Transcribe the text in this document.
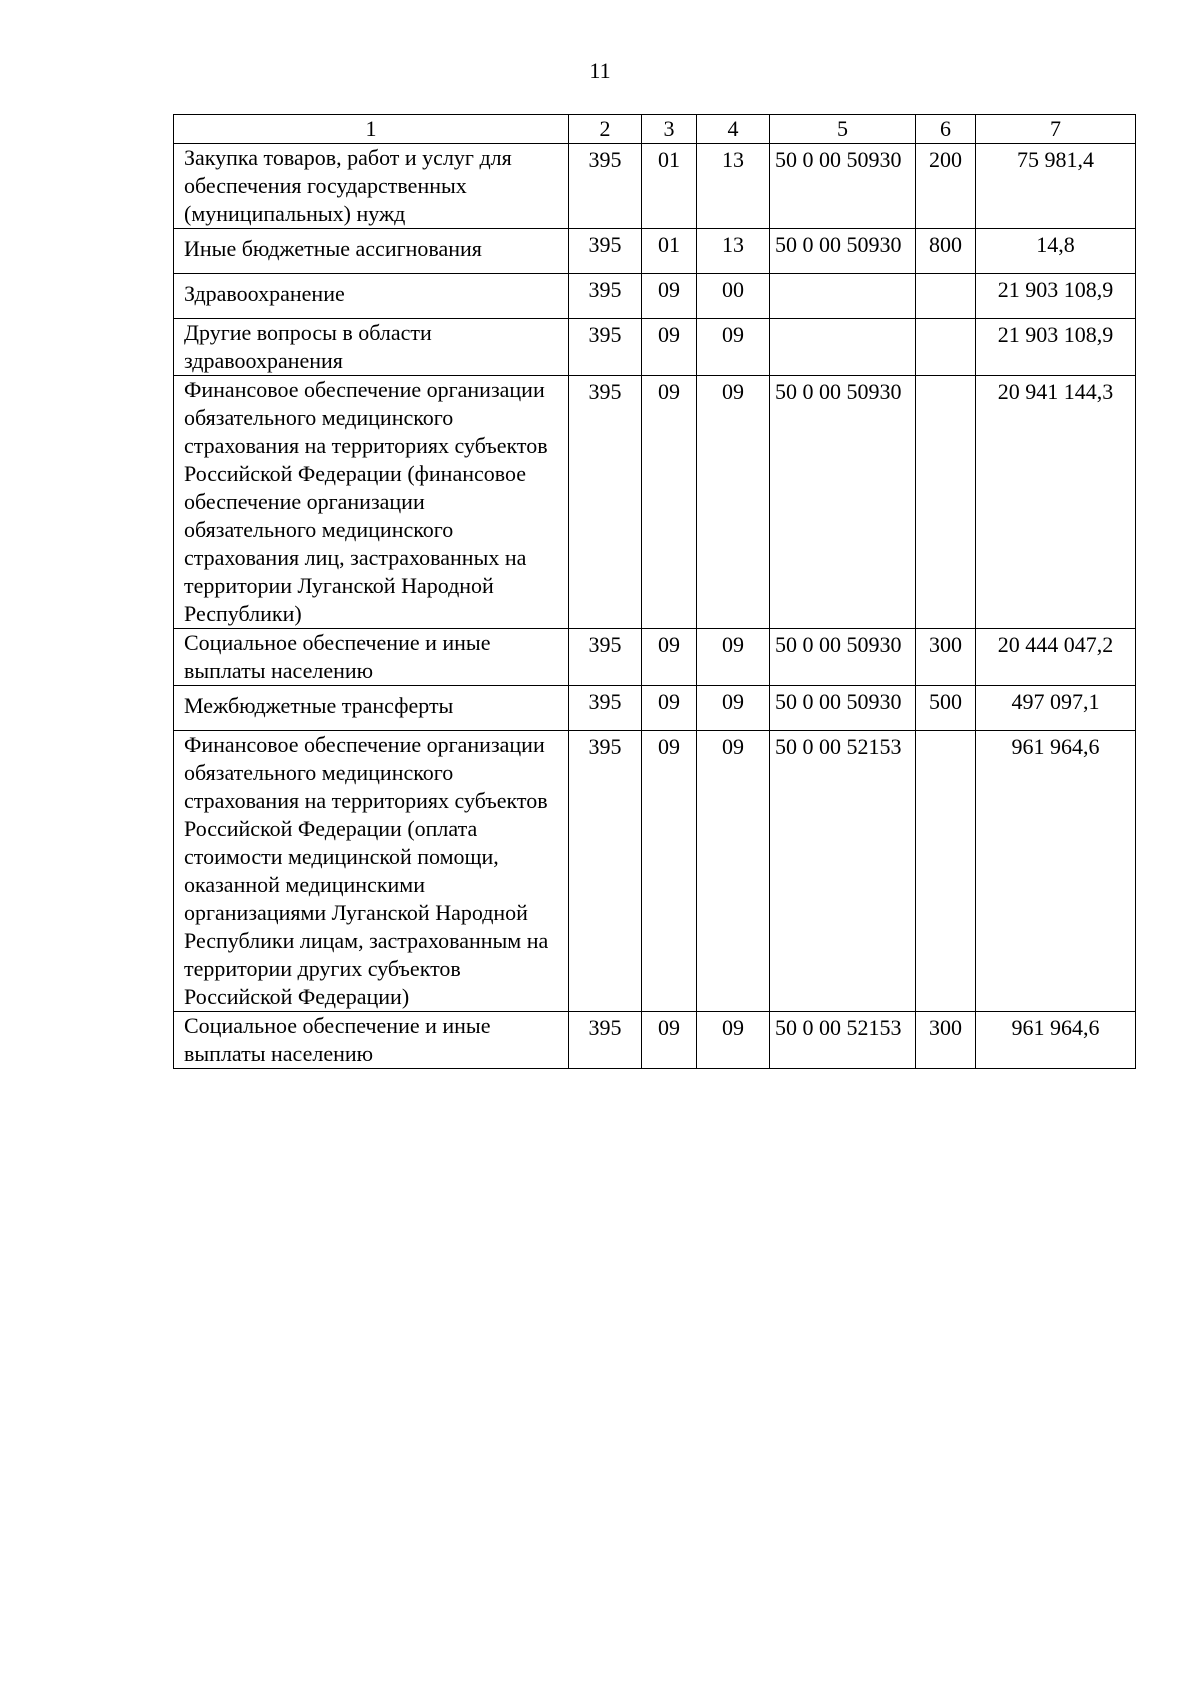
11
1	2	3	4	5	6	7
Закупка товаров, работ и услуг для обеспечения государственных (муниципальных) нужд	395	01	13	50 0 00 50930	200	75 981,4
Иные бюджетные ассигнования	395	01	13	50 0 00 50930	800	14,8
Здравоохранение	395	09	00			21 903 108,9
Другие вопросы в области здравоохранения	395	09	09			21 903 108,9
Финансовое обеспечение организации обязательного медицинского страхования на территориях субъектов Российской Федерации (финансовое обеспечение организации обязательного медицинского страхования лиц, застрахованных на территории Луганской Народной Республики)	395	09	09	50 0 00 50930		20 941 144,3
Социальное обеспечение и иные выплаты населению	395	09	09	50 0 00 50930	300	20 444 047,2
Межбюджетные трансферты	395	09	09	50 0 00 50930	500	497 097,1
Финансовое обеспечение организации обязательного медицинского страхования на территориях субъектов Российской Федерации (оплата стоимости медицинской помощи, оказанной медицинскими организациями Луганской Народной Республики лицам, застрахованным на территории других субъектов Российской Федерации)	395	09	09	50 0 00 52153		961 964,6
Социальное обеспечение и иные выплаты населению	395	09	09	50 0 00 52153	300	961 964,6
